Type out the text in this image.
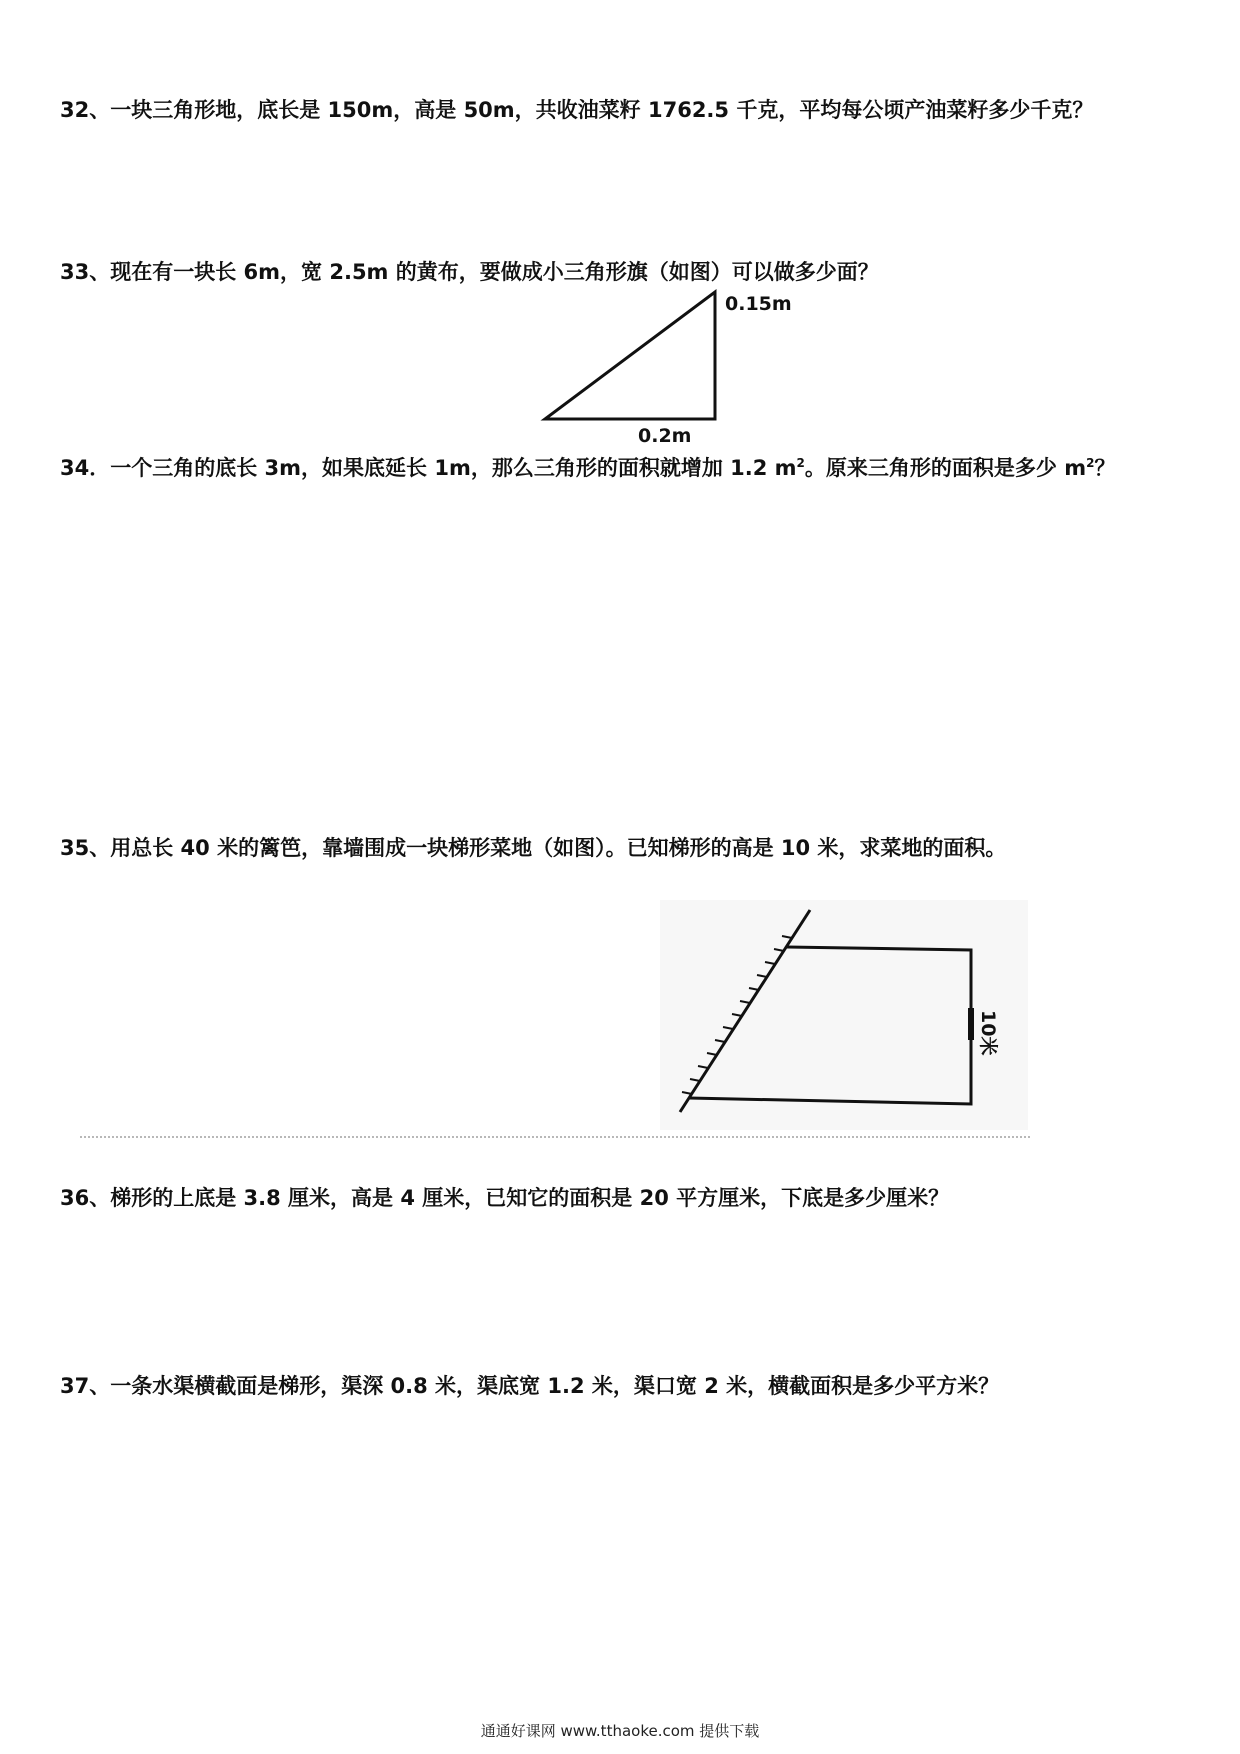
32、一块三角形地，底长是 150m，高是 50m，共收油菜籽 1762.5 千克，平均每公顷产油菜籽多少千克？

33、现在有一块长 6m，宽 2.5m 的黄布，要做成小三角形旗（如图）可以做多少面？

0.15m
0.2m

34．一个三角的底长 3m，如果底延长 1m，那么三角形的面积就增加 1.2 $m^2$。原来三角形的面积是多少 $m^2$？

35、用总长 40 米的篱笆，靠墙围成一块梯形菜地（如图）。已知梯形的高是 10 米，求菜地的面积。

10米

36、梯形的上底是 3.8 厘米，高是 4 厘米，已知它的面积是 20 平方厘米，下底是多少厘米？

37、一条水渠横截面是梯形，渠深 0.8 米，渠底宽 1.2 米，渠口宽 2 米，横截面积是多少平方米？

通通好课网 www.tthaoke.com 提供下载
